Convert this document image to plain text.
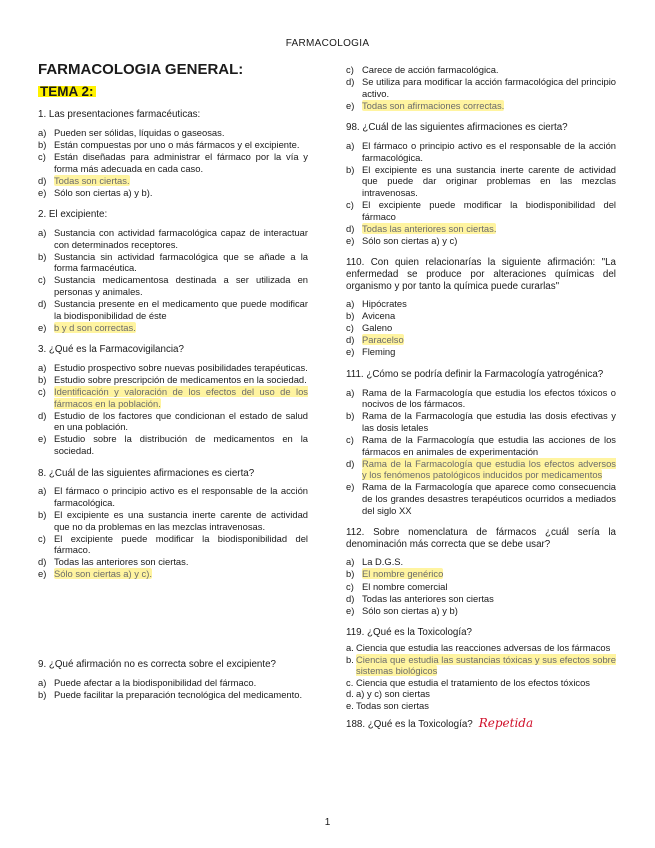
FARMACOLOGIA
FARMACOLOGIA GENERAL:
TEMA 2:
1. Las presentaciones farmacéuticas:
a) Pueden ser sólidas, líquidas o gaseosas.
b) Están compuestas por uno o más fármacos y el excipiente.
c) Están diseñadas para administrar el fármaco por la vía y forma más adecuada en cada caso.
d) Todas son ciertas.
e) Sólo son ciertas a) y b).
2. El excipiente:
a) Sustancia con actividad farmacológica capaz de interactuar con determinados receptores.
b) Sustancia sin actividad farmacológica que se añade a la forma farmacéutica.
c) Sustancia medicamentosa destinada a ser utilizada en personas y animales.
d) Sustancia presente en el medicamento que puede modificar la biodisponibilidad de éste
e) b y d son correctas.
3. ¿Qué es la Farmacovigilancia?
a) Estudio prospectivo sobre nuevas posibilidades terapéuticas.
b) Estudio sobre prescripción de medicamentos en la sociedad.
c) Identificación y valoración de los efectos del uso de los fármacos en la población.
d) Estudio de los factores que condicionan el estado de salud en una población.
e) Estudio sobre la distribución de medicamentos en la sociedad.
8. ¿Cuál de las siguientes afirmaciones es cierta?
a) El fármaco o principio activo es el responsable de la acción farmacológica.
b) El excipiente es una sustancia inerte carente de actividad que no da problemas en las mezclas intravenosas.
c) El excipiente puede modificar la biodisponibilidad del fármaco.
d) Todas las anteriores son ciertas.
e) Sólo son ciertas a) y c).
9. ¿Qué afirmación no es correcta sobre el excipiente?
a) Puede afectar a la biodisponibilidad del fármaco.
b) Puede facilitar la preparación tecnológica del medicamento.
c) Carece de acción farmacológica.
d) Se utiliza para modificar la acción farmacológica del principio activo.
e) Todas son afirmaciones correctas.
98. ¿Cuál de las siguientes afirmaciones es cierta?
a) El fármaco o principio activo es el responsable de la acción farmacológica.
b) El excipiente es una sustancia inerte carente de actividad que puede dar originar problemas en las mezclas intravenosas.
c) El excipiente puede modificar la biodisponibilidad del fármaco
d) Todas las anteriores son ciertas.
e) Sólo son ciertas a) y c)
110. Con quien relacionarías la siguiente afirmación: "La enfermedad se produce por alteraciones químicas del organismo y por tanto la química puede curarlas"
a) Hipócrates
b) Avicena
c) Galeno
d) Paracelso
e) Fleming
111. ¿Cómo se podría definir la Farmacología yatrogénica?
a) Rama de la Farmacología que estudia los efectos tóxicos o nocivos de los fármacos.
b) Rama de la Farmacología que estudia las dosis efectivas y las dosis letales
c) Rama de la Farmacología que estudia las acciones de los fármacos en animales de experimentación
d) Rama de la Farmacología que estudia los efectos adversos y los fenómenos patológicos inducidos por medicamentos
e) Rama de la Farmacología que aparece como consecuencia de los grandes desastres terapéuticos ocurridos a mediados del siglo XX
112. Sobre nomenclatura de fármacos ¿cuál sería la denominación más correcta que se debe usar?
a) La D.G.S.
b) El nombre genérico
c) El nombre comercial
d) Todas las anteriores son ciertas
e) Sólo son ciertas a) y b)
119. ¿Qué es la Toxicología?
a. Ciencia que estudia las reacciones adversas de los fármacos
b. Ciencia que estudia las sustancias tóxicas y sus efectos sobre sistemas biológicos
c. Ciencia que estudia el tratamiento de los efectos tóxicos
d. a) y c) son ciertas
e. Todas son ciertas
188. ¿Qué es la Toxicología? Repetida
1
